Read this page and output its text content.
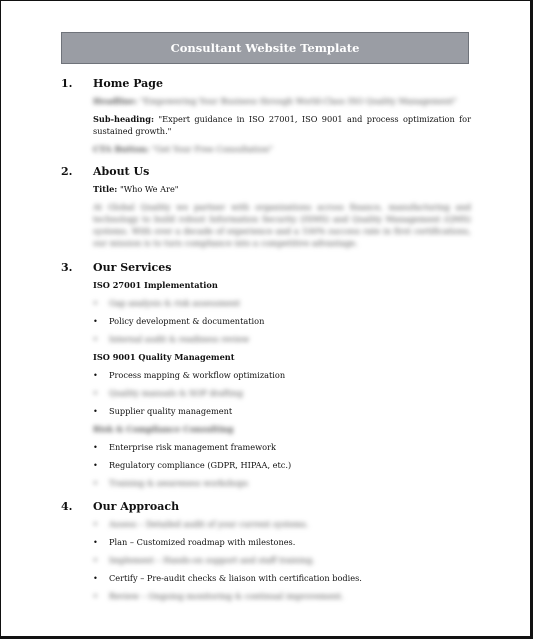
Consultant Website Template
1. Home Page

Headline: "Empowering Your Business through World-Class ISO Quality Management"

Sub-heading: "Expert guidance in ISO 27001, ISO 9001 and process optimization for sustained growth."

CTA Button: "Get Your Free Consultation"

2. About Us

Title: "Who We Are"

At Global Quality we partner with organizations across finance, manufacturing and technology to build robust Information Security (ISMS) and Quality Management (QMS) systems. With over a decade of experience and a 100% success rate in first certifications, our mission is to turn compliance into a competitive advantage.

3. Our Services

ISO 27001 Implementation

• Gap analysis & risk assessment
• Policy development & documentation
• Internal audit & readiness review

ISO 9001 Quality Management

• Process mapping & workflow optimization
• Quality manuals & SOP drafting
• Supplier quality management

Risk & Compliance Consulting

• Enterprise risk management framework
• Regulatory compliance (GDPR, HIPAA, etc.)
• Training & awareness workshops
4. Our Approach
• Assess – Detailed audit of your current systems.
• Plan – Customized roadmap with milestones.
• Implement – Hands-on support and staff training.
• Certify – Pre-audit checks & liaison with certification bodies.
• Review – Ongoing monitoring & continual improvement.
